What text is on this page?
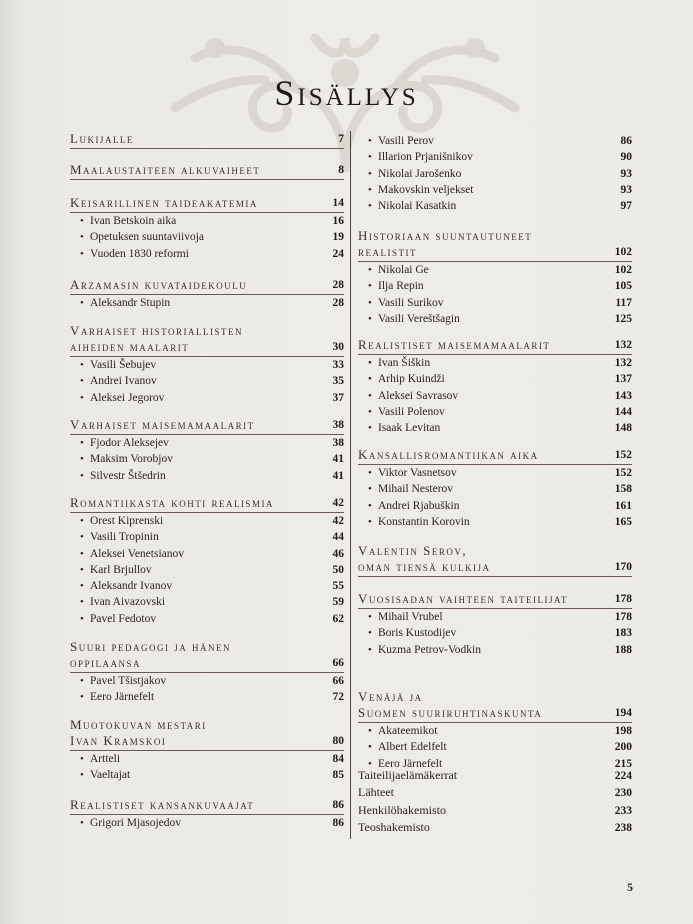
Sisällys
Lukijalle	7
Maalaustaiteen alkuvaiheet	8
Keisarillinen taideakatemia	14
• Ivan Betskoin aika	16
• Opetuksen suuntaviivoja	19
• Vuoden 1830 reformi	24
Arzamasin kuvataidekoulu	28
• Aleksandr Stupin	28
Varhaiset historiallisten
aiheiden maalarit	30
• Vasili Šebujev	33
• Andrei Ivanov	35
• Aleksei Jegorov	37
Varhaiset maisemamaalarit	38
• Fjodor Aleksejev	38
• Maksim Vorobjov	41
• Silvestr Štšedrin	41
Romantiikasta kohti realismia	42
• Orest Kiprenski	42
• Vasili Tropinin	44
• Aleksei Venetsianov	46
• Karl Brjullov	50
• Aleksandr Ivanov	55
• Ivan Aivazovski	59
• Pavel Fedotov	62
Suuri pedagogi ja hänen
oppilaansa	66
• Pavel Tšistjakov	66
• Eero Järnefelt	72
Muotokuvan mestari
Ivan Kramskoi	80
• Artteli	84
• Vaeltajat	85
Realistiset kansankuvaajat	86
• Grigori Mjasojedov	86
• Vasili Perov	86
• Illarion Prjanišnikov	90
• Nikolai Jarošenko	93
• Makovskin veljekset	93
• Nikolai Kasatkin	97
Historiaan suuntautuneet
realistit	102
• Nikolai Ge	102
• Ilja Repin	105
• Vasili Surikov	117
• Vasili Vereštšagin	125
Realistiset maisemamaalarit	132
• Ivan Šiškin	132
• Arhip Kuindži	137
• Aleksei Savrasov	143
• Vasili Polenov	144
• Isaak Levitan	148
Kansallisromantiikan aika	152
• Viktor Vasnetsov	152
• Mihail Nesterov	158
• Andrei Rjabuškin	161
• Konstantin Korovin	165
Valentin Serov,
oman tiensä kulkija	170
Vuosisadan vaihteen taiteilijat	178
• Mihail Vrubel	178
• Boris Kustodijev	183
• Kuzma Petrov-Vodkin	188
Venäjä ja
Suomen suuriruhtinaskunta	194
• Akateemikot	198
• Albert Edelfelt	200
• Eero Järnefelt	215
Taiteilijaelämäkerrat	224
Lähteet	230
Henkilöhakemisto	233
Teoshakemisto	238
5
